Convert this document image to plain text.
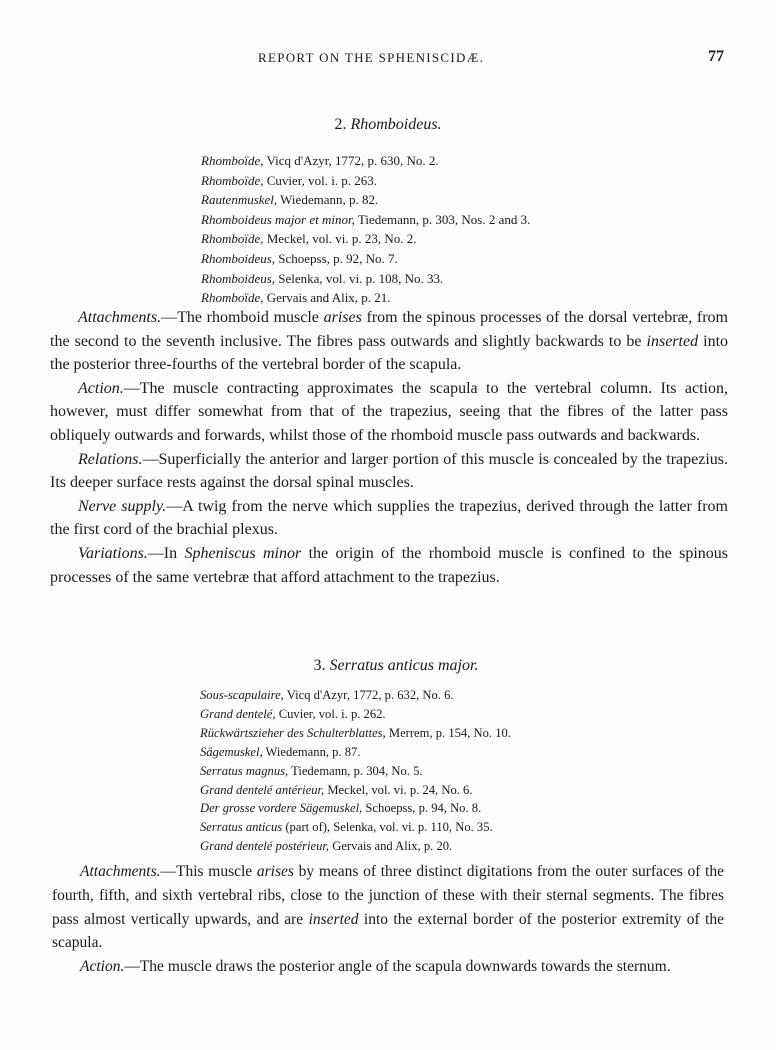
REPORT ON THE SPHENISCIDÆ.	77
2. Rhomboideus.
Rhomboïde, Vicq d'Azyr, 1772, p. 630, No. 2.
Rhomboïde, Cuvier, vol. i. p. 263.
Rautenmuskel, Wiedemann, p. 82.
Rhomboideus major et minor, Tiedemann, p. 303, Nos. 2 and 3.
Rhomboïde, Meckel, vol. vi. p. 23, No. 2.
Rhomboideus, Schoepss, p. 92, No. 7.
Rhomboideus, Selenka, vol. vi. p. 108, No. 33.
Rhomboïde, Gervais and Alix, p. 21.

Attachments.—The rhomboid muscle arises from the spinous processes of the dorsal vertebræ, from the second to the seventh inclusive. The fibres pass outwards and slightly backwards to be inserted into the posterior three-fourths of the vertebral border of the scapula.

Action.—The muscle contracting approximates the scapula to the vertebral column. Its action, however, must differ somewhat from that of the trapezius, seeing that the fibres of the latter pass obliquely outwards and forwards, whilst those of the rhomboid muscle pass outwards and backwards.

Relations.—Superficially the anterior and larger portion of this muscle is concealed by the trapezius. Its deeper surface rests against the dorsal spinal muscles.

Nerve supply.—A twig from the nerve which supplies the trapezius, derived through the latter from the first cord of the brachial plexus.

Variations.—In Spheniscus minor the origin of the rhomboid muscle is confined to the spinous processes of the same vertebræ that afford attachment to the trapezius.

3. Serratus anticus major.
Sous-scapulaire, Vicq d'Azyr, 1772, p. 632, No. 6.
Grand dentelé, Cuvier, vol. i. p. 262.
Rückwärtszieher des Schulterblattes, Merrem, p. 154, No. 10.
Sägemuskel, Wiedemann, p. 87.
Serratus magnus, Tiedemann, p. 304, No. 5.
Grand dentelé antérieur, Meckel, vol. vi. p. 24, No. 6.
Der grosse vordere Sägemuskel, Schoepss, p. 94, No. 8.
Serratus anticus (part of), Selenka, vol. vi. p. 110, No. 35.
Grand dentelé postérieur, Gervais and Alix, p. 20.

Attachments.—This muscle arises by means of three distinct digitations from the outer surfaces of the fourth, fifth, and sixth vertebral ribs, close to the junction of these with their sternal segments. The fibres pass almost vertically upwards, and are inserted into the external border of the posterior extremity of the scapula.

Action.—The muscle draws the posterior angle of the scapula downwards towards the sternum.
